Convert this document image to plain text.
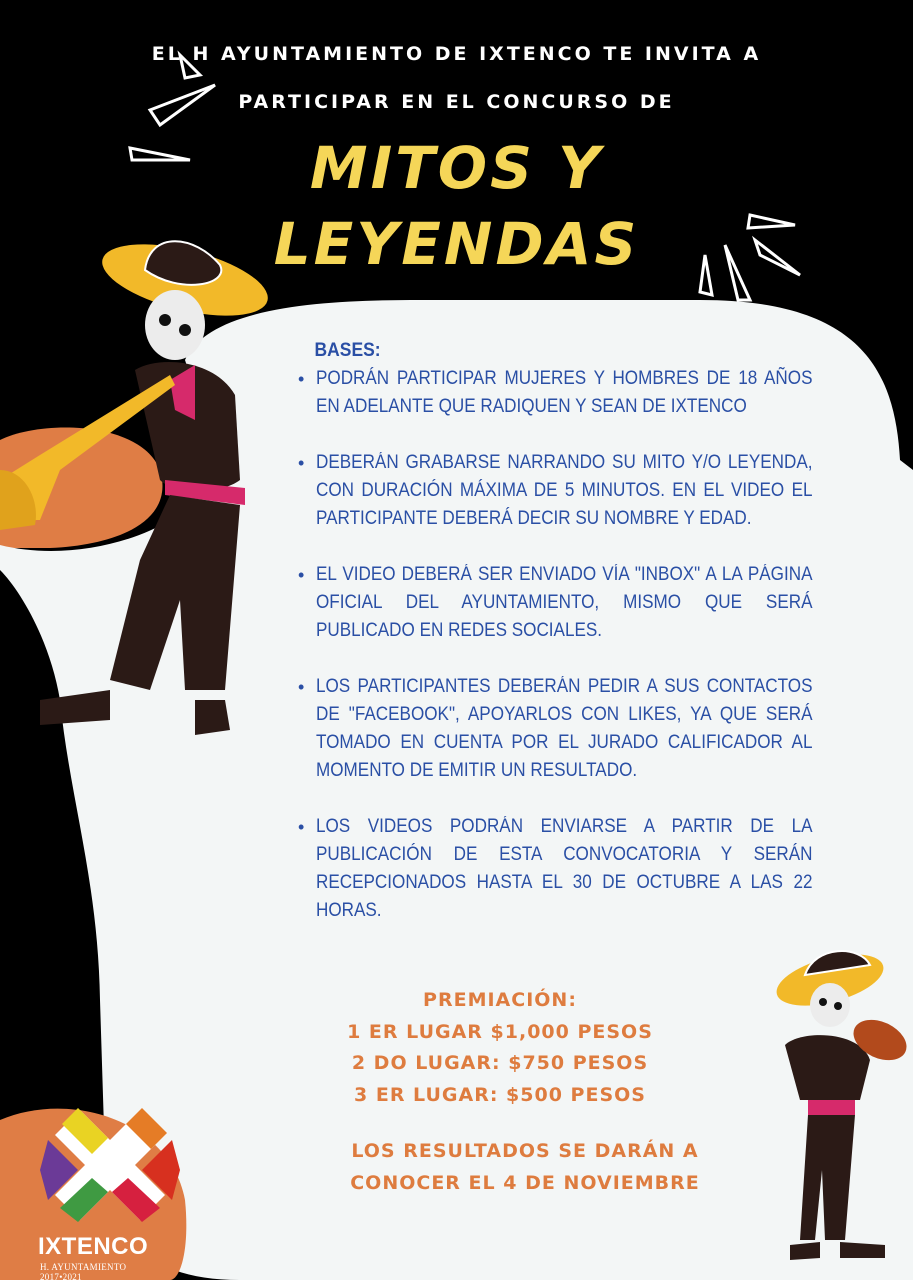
EL H AYUNTAMIENTO DE IXTENCO TE INVITA A
PARTICIPAR EN EL CONCURSO DE
MITOS Y
LEYENDAS
BASES:
• PODRÁN PARTICIPAR MUJERES Y HOMBRES DE 18 AÑOS EN ADELANTE QUE RADIQUEN Y SEAN DE IXTENCO
• DEBERÁN GRABARSE NARRANDO SU MITO Y/O LEYENDA, CON DURACIÓN MÁXIMA DE 5 MINUTOS. EN EL VIDEO EL PARTICIPANTE DEBERÁ DECIR SU NOMBRE Y EDAD.
• EL VIDEO DEBERÁ SER ENVIADO VÍA "INBOX" A LA PÁGINA OFICIAL DEL AYUNTAMIENTO, MISMO QUE SERÁ PUBLICADO EN REDES SOCIALES.
• LOS PARTICIPANTES DEBERÁN PEDIR A SUS CONTACTOS DE "FACEBOOK", APOYARLOS CON LIKES, YA QUE SERÁ TOMADO EN CUENTA POR EL JURADO CALIFICADOR AL MOMENTO DE EMITIR UN RESULTADO.
• LOS VIDEOS PODRÁN ENVIARSE A PARTIR DE LA PUBLICACIÓN DE ESTA CONVOCATORIA Y SERÁN RECEPCIONADOS HASTA EL 30 DE OCTUBRE A LAS 22 HORAS.
PREMIACIÓN:
1 ER LUGAR $1,000 PESOS
2 DO LUGAR: $750 PESOS
3 ER LUGAR: $500 PESOS
LOS RESULTADOS SE DARÁN A
CONOCER EL 4 DE NOVIEMBRE
IXTENCO
H. AYUNTAMIENTO 2017•2021
